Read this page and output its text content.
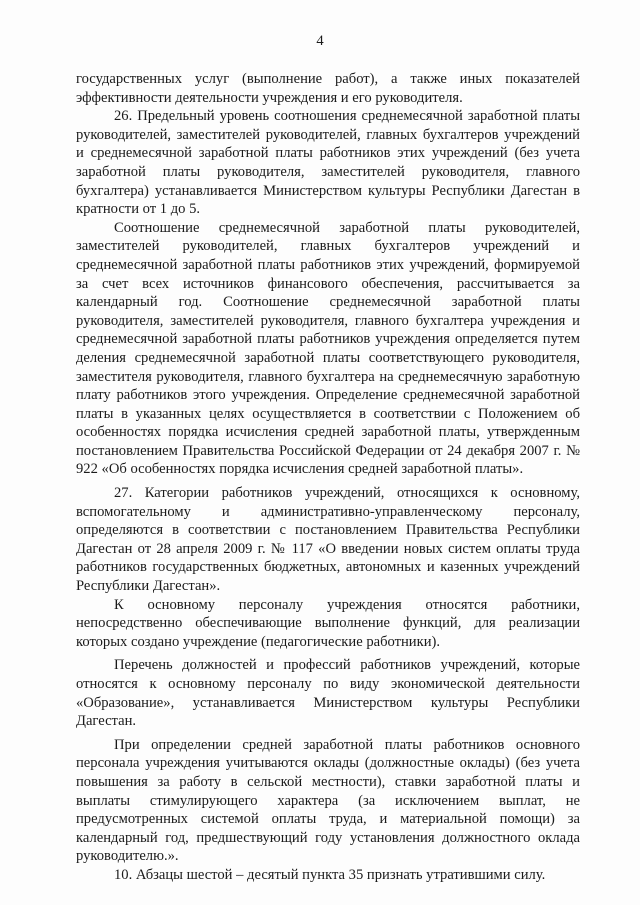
4

государственных услуг (выполнение работ), а также иных показателей эффективности деятельности учреждения и его руководителя.

26. Предельный уровень соотношения среднемесячной заработной платы руководителей, заместителей руководителей, главных бухгалтеров учреждений и среднемесячной заработной платы работников этих учреждений (без учета заработной платы руководителя, заместителей руководителя, главного бухгалтера) устанавливается Министерством культуры Республики Дагестан в кратности от 1 до 5.

Соотношение среднемесячной заработной платы руководителей, заместителей руководителей, главных бухгалтеров учреждений и среднемесячной заработной платы работников этих учреждений, формируемой за счет всех источников финансового обеспечения, рассчитывается за календарный год. Соотношение среднемесячной заработной платы руководителя, заместителей руководителя, главного бухгалтера учреждения и среднемесячной заработной платы работников учреждения определяется путем деления среднемесячной заработной платы соответствующего руководителя, заместителя руководителя, главного бухгалтера на среднемесячную заработную плату работников этого учреждения. Определение среднемесячной заработной платы в указанных целях осуществляется в соответствии с Положением об особенностях порядка исчисления средней заработной платы, утвержденным постановлением Правительства Российской Федерации от 24 декабря 2007 г. № 922 «Об особенностях порядка исчисления средней заработной платы».

27. Категории работников учреждений, относящихся к основному, вспомогательному и административно-управленческому персоналу, определяются в соответствии с постановлением Правительства Республики Дагестан от 28 апреля 2009 г. № 117 «О введении новых систем оплаты труда работников государственных бюджетных, автономных и казенных учреждений Республики Дагестан».

К основному персоналу учреждения относятся работники, непосредственно обеспечивающие выполнение функций, для реализации которых создано учреждение (педагогические работники).

Перечень должностей и профессий работников учреждений, которые относятся к основному персоналу по виду экономической деятельности «Образование», устанавливается Министерством культуры Республики Дагестан.

При определении средней заработной платы работников основного персонала учреждения учитываются оклады (должностные оклады) (без учета повышения за работу в сельской местности), ставки заработной платы и выплаты стимулирующего характера (за исключением выплат, не предусмотренных системой оплаты труда, и материальной помощи) за календарный год, предшествующий году установления должностного оклада руководителю.».

10. Абзацы шестой – десятый пункта 35 признать утратившими силу.
